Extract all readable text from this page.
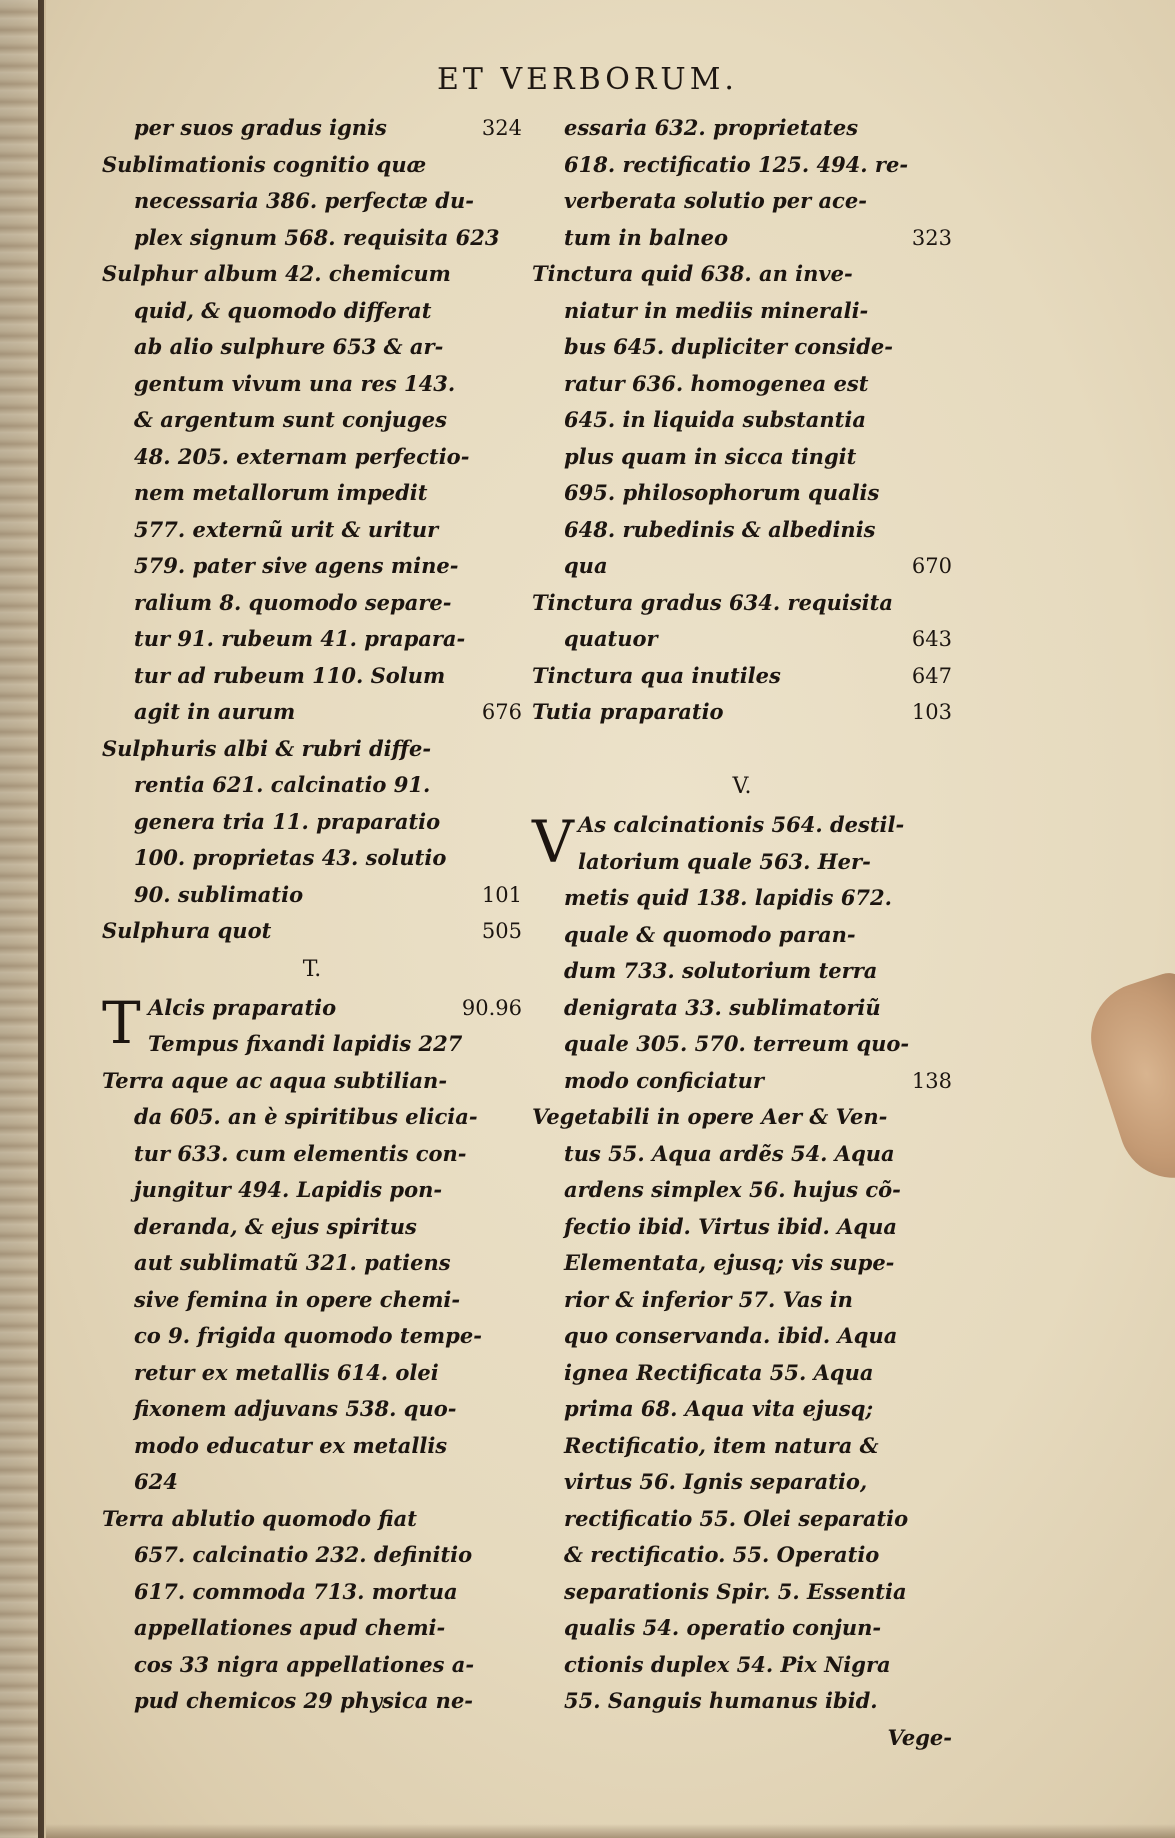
ET VERBORUM.
per suos gradus ignis	324
Sublimationis cognitio quæ
necessaria 386. perfectæ du-
plex signum 568. requisita 623
Sulphur album 42. chemicum
quid, & quomodo differat
ab alio sulphure 653 & ar-
gentum vivum una res 143.
& argentum sunt conjuges
48. 205. externam perfectio-
nem metallorum impedit
577. externũ urit & uritur
579. pater sive agens mine-
ralium 8. quomodo separe-
tur 91. rubeum 41. prapara-
tur ad rubeum 110. Solum
agit in aurum	676
Sulphuris albi & rubri diffe-
rentia 621. calcinatio 91.
genera tria 11. praparatio
100. proprietas 43. solutio
90. sublimatio	101
Sulphura quot	505
T.
T Alcis praparatio	90.96
Tempus fixandi lapidis 227
Terra aque ac aqua subtilian-
da 605. an è spiritibus elicia-
tur 633. cum elementis con-
jungitur 494. Lapidis pon-
deranda, & ejus spiritus
aut sublimatũ 321. patiens
sive femina in opere chemi-
co 9. frigida quomodo tempe-
retur ex metallis 614. olei
fixonem adjuvans 538. quo-
modo educatur ex metallis
624
Terra ablutio quomodo fiat
657. calcinatio 232. definitio
617. commoda 713. mortua
appellationes apud chemi-
cos 33 nigra appellationes a-
pud chemicos 29 physica ne-
essaria 632. proprietates
618. rectificatio 125. 494. re-
verberata solutio per ace-
tum in balneo	323
Tinctura quid 638. an inve-
niatur in mediis minerali-
bus 645. dupliciter conside-
ratur 636. homogenea est
645. in liquida substantia
plus quam in sicca tingit
695. philosophorum qualis
648. rubedinis & albedinis
qua	670
Tinctura gradus 634. requisita
quatuor	643
Tinctura qua inutiles	647
Tutia praparatio	103
V.
V As calcinationis 564. destil-
latorium quale 563. Her-
metis quid 138. lapidis 672.
quale & quomodo paran-
dum 733. solutorium terra
denigrata 33. sublimatoriũ
quale 305. 570. terreum quo-
modo conficiatur	138
Vegetabili in opere Aer & Ven-
tus 55. Aqua ardẽs 54. Aqua
ardens simplex 56. hujus cõ-
fectio ibid. Virtus ibid. Aqua
Elementata, ejusq; vis supe-
rior & inferior 57. Vas in
quo conservanda. ibid. Aqua
ignea Rectificata 55. Aqua
prima 68. Aqua vita ejusq;
Rectificatio, item natura &
virtus 56. Ignis separatio,
rectificatio 55. Olei separatio
& rectificatio. 55. Operatio
separationis Spir. 5. Essentia
qualis 54. operatio conjun-
ctionis duplex 54. Pix Nigra
55. Sanguis humanus ibid.
Vege-
